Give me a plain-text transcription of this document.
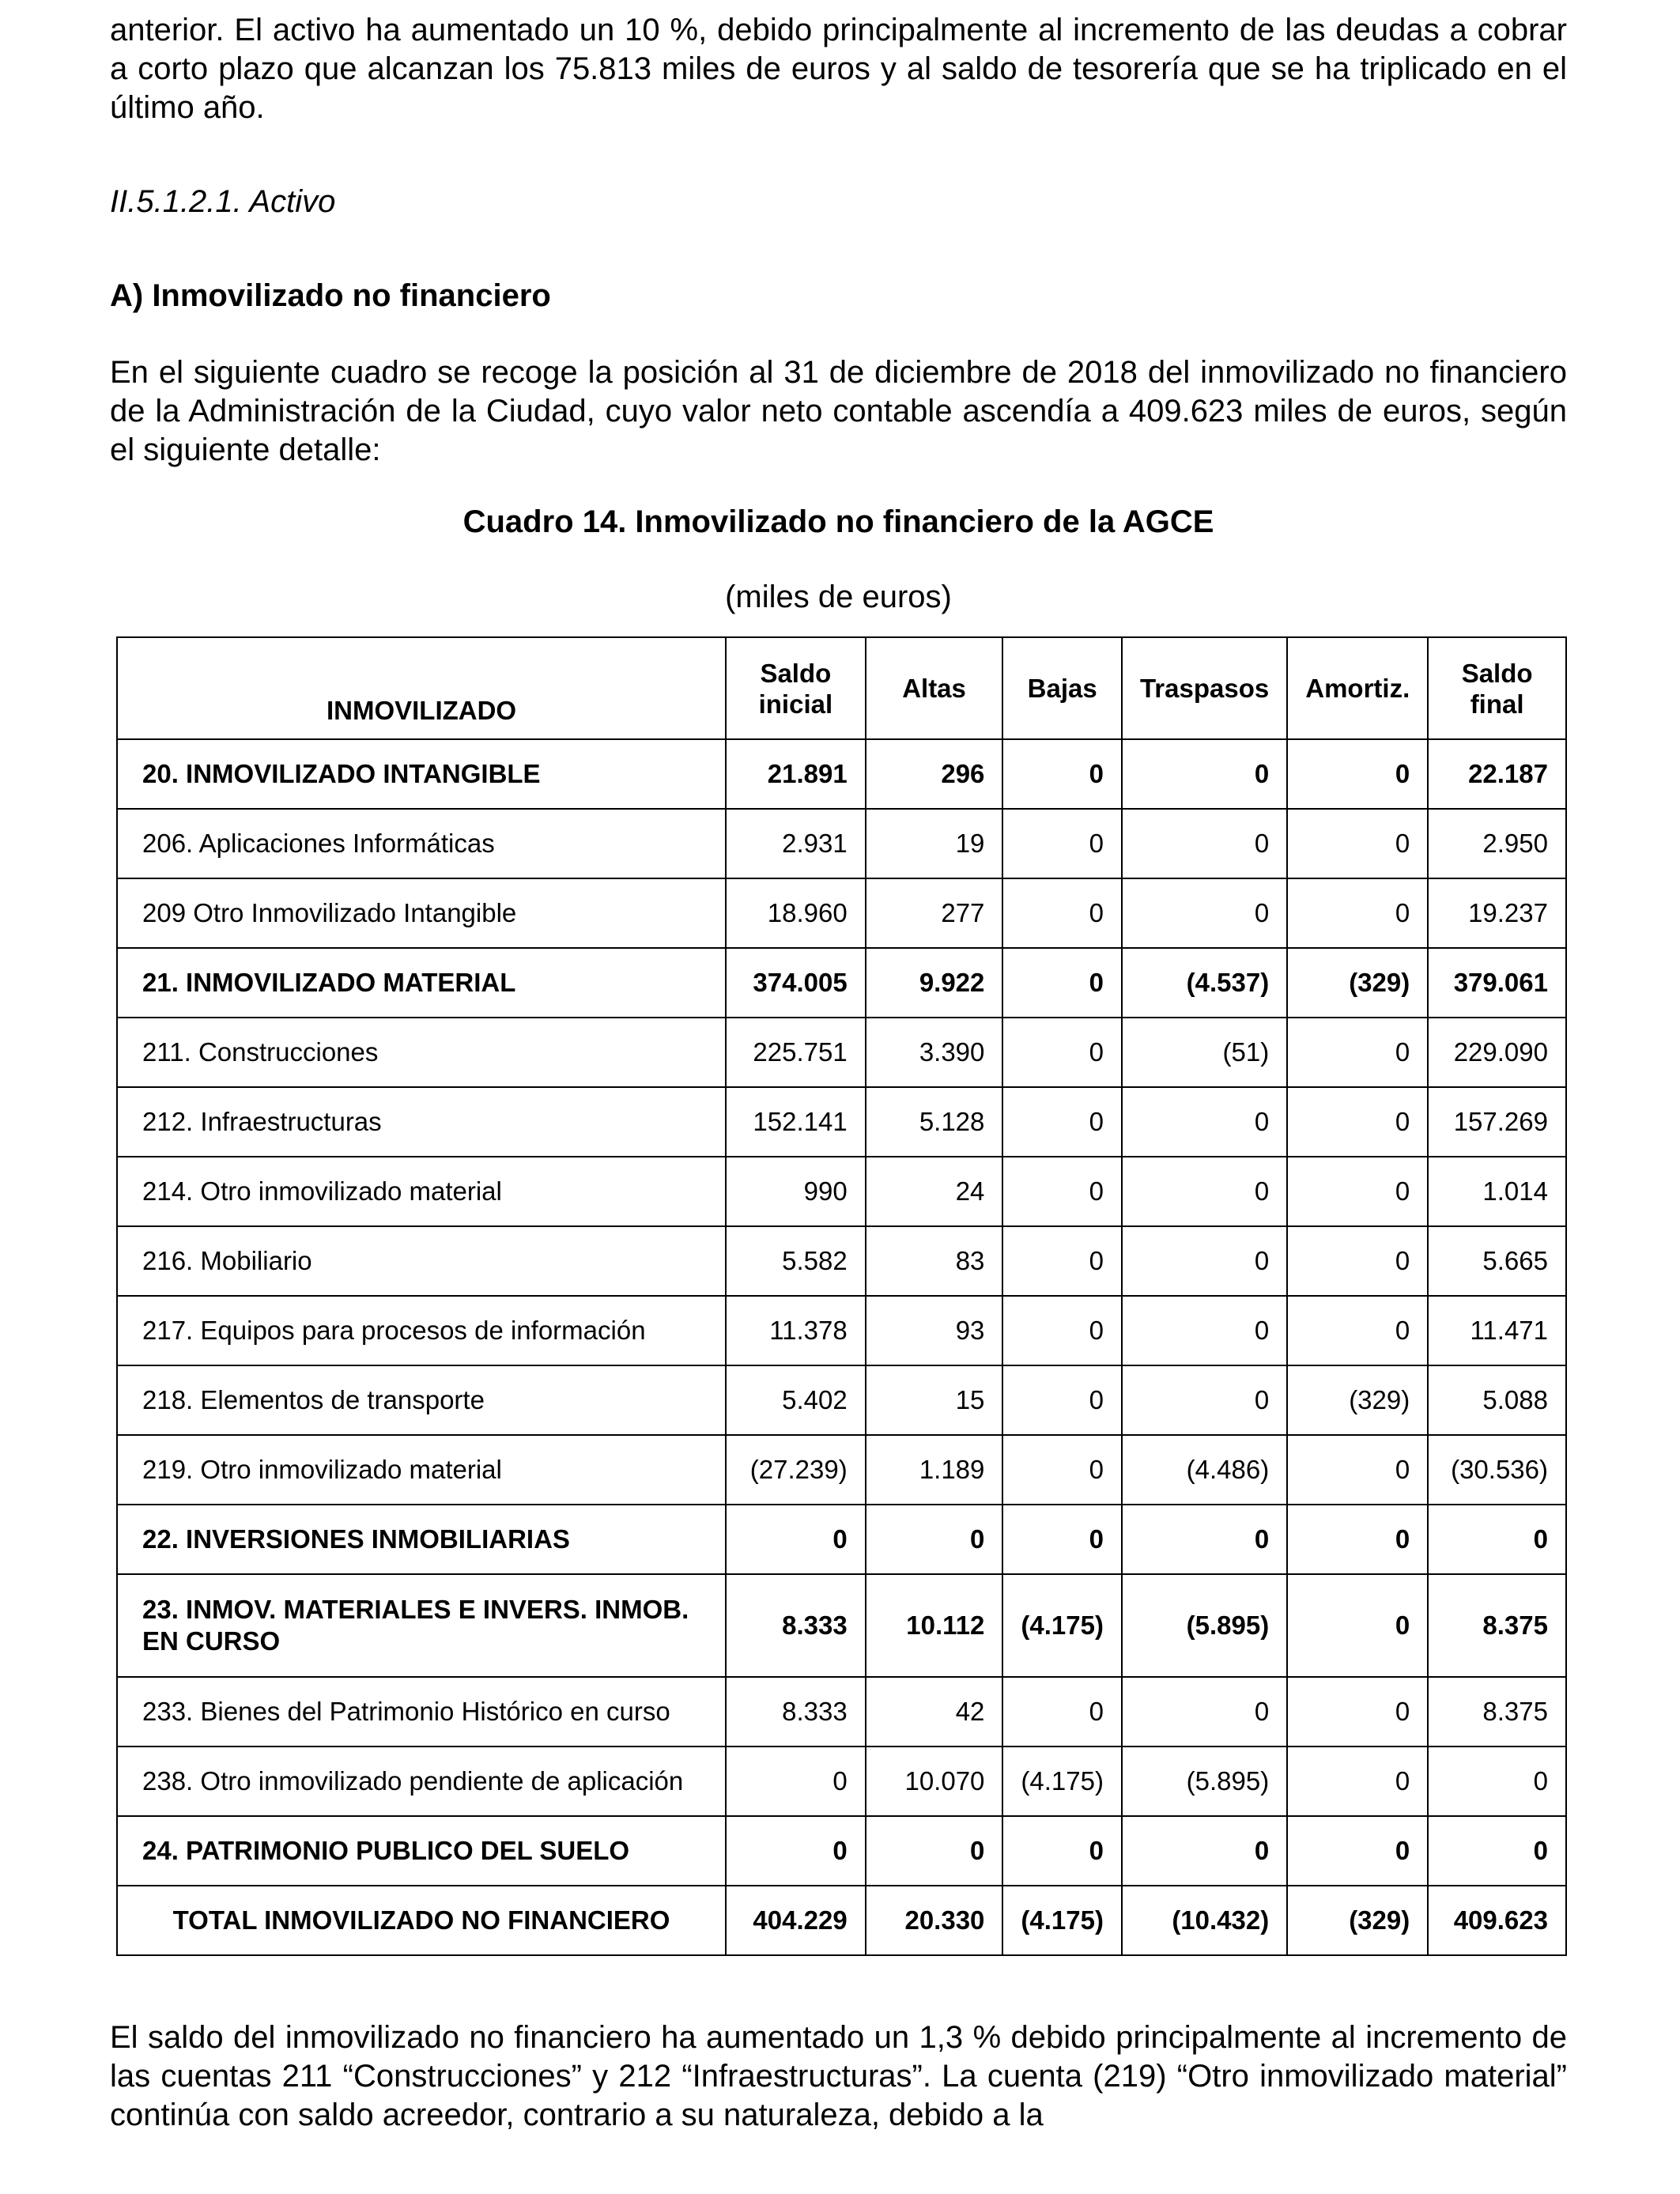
anterior. El activo ha aumentado un 10 %, debido principalmente al incremento de las deudas a cobrar a corto plazo que alcanzan los 75.813 miles de euros y al saldo de tesorería que se ha triplicado en el último año.

II.5.1.2.1. Activo

A) Inmovilizado no financiero

En el siguiente cuadro se recoge la posición al 31 de diciembre de 2018 del inmovilizado no financiero de la Administración de la Ciudad, cuyo valor neto contable ascendía a 409.623 miles de euros, según el siguiente detalle:

Cuadro 14. Inmovilizado no financiero de la AGCE

(miles de euros)

INMOVILIZADO	Saldo inicial	Altas	Bajas	Traspasos	Amortiz.	Saldo final
20. INMOVILIZADO INTANGIBLE	21.891	296	0	0	0	22.187
206. Aplicaciones Informáticas	2.931	19	0	0	0	2.950
209 Otro Inmovilizado Intangible	18.960	277	0	0	0	19.237
21. INMOVILIZADO MATERIAL	374.005	9.922	0	(4.537)	(329)	379.061
211. Construcciones	225.751	3.390	0	(51)	0	229.090
212. Infraestructuras	152.141	5.128	0	0	0	157.269
214. Otro inmovilizado material	990	24	0	0	0	1.014
216. Mobiliario	5.582	83	0	0	0	5.665
217. Equipos para procesos de información	11.378	93	0	0	0	11.471
218. Elementos de transporte	5.402	15	0	0	(329)	5.088
219. Otro inmovilizado material	(27.239)	1.189	0	(4.486)	0	(30.536)
22. INVERSIONES INMOBILIARIAS	0	0	0	0	0	0
23. INMOV. MATERIALES E INVERS. INMOB. EN CURSO	8.333	10.112	(4.175)	(5.895)	0	8.375
233. Bienes del Patrimonio Histórico en curso	8.333	42	0	0	0	8.375
238. Otro inmovilizado pendiente de aplicación	0	10.070	(4.175)	(5.895)	0	0
24. PATRIMONIO PUBLICO DEL SUELO	0	0	0	0	0	0
TOTAL INMOVILIZADO NO FINANCIERO	404.229	20.330	(4.175)	(10.432)	(329)	409.623

El saldo del inmovilizado no financiero ha aumentado un 1,3 % debido principalmente al incremento de las cuentas 211 “Construcciones” y 212 “Infraestructuras”. La cuenta (219) “Otro inmovilizado material” continúa con saldo acreedor, contrario a su naturaleza, debido a la
